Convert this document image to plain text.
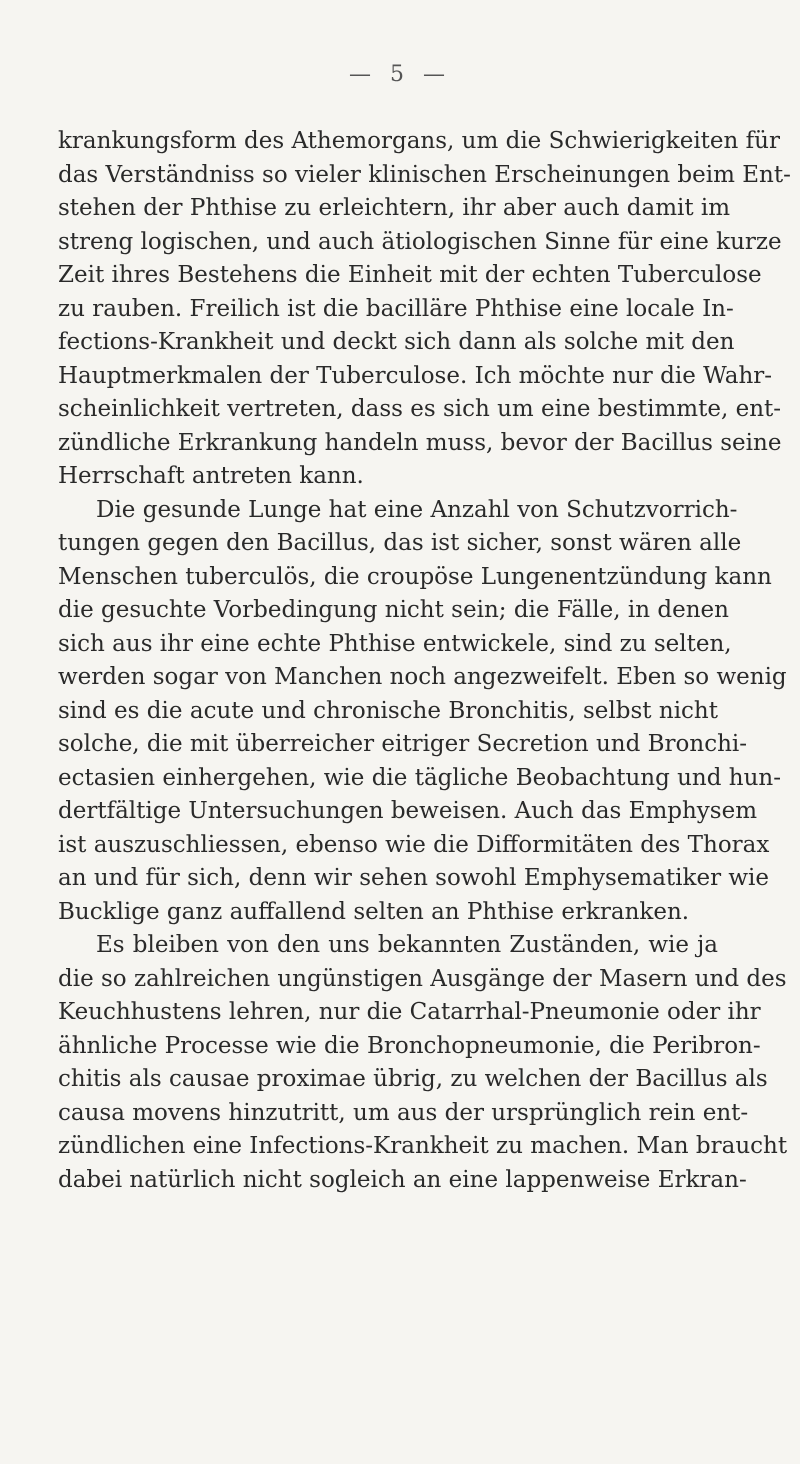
— 5 —
krankungsform des Athemorgans, um die Schwierigkeiten für
das Verständniss so vieler klinischen Erscheinungen beim Ent-
stehen der Phthise zu erleichtern, ihr aber auch damit im
streng logischen, und auch ätiologischen Sinne für eine kurze
Zeit ihres Bestehens die Einheit mit der echten Tuberculose
zu rauben. Freilich ist die bacilläre Phthise eine locale In-
fections-Krankheit und deckt sich dann als solche mit den
Hauptmerkmalen der Tuberculose. Ich möchte nur die Wahr-
scheinlichkeit vertreten, dass es sich um eine bestimmte, ent-
zündliche Erkrankung handeln muss, bevor der Bacillus seine
Herrschaft antreten kann.
Die gesunde Lunge hat eine Anzahl von Schutzvorrich-
tungen gegen den Bacillus, das ist sicher, sonst wären alle
Menschen tuberculös, die croupöse Lungenentzündung kann
die gesuchte Vorbedingung nicht sein; die Fälle, in denen
sich aus ihr eine echte Phthise entwickele, sind zu selten,
werden sogar von Manchen noch angezweifelt. Eben so wenig
sind es die acute und chronische Bronchitis, selbst nicht
solche, die mit überreicher eitriger Secretion und Bronchi-
ectasien einhergehen, wie die tägliche Beobachtung und hun-
dertfältige Untersuchungen beweisen. Auch das Emphysem
ist auszuschliessen, ebenso wie die Difformitäten des Thorax
an und für sich, denn wir sehen sowohl Emphysematiker wie
Bucklige ganz auffallend selten an Phthise erkranken.
Es bleiben von den uns bekannten Zuständen, wie ja
die so zahlreichen ungünstigen Ausgänge der Masern und des
Keuchhustens lehren, nur die Catarrhal-Pneumonie oder ihr
ähnliche Processe wie die Bronchopneumonie, die Peribron-
chitis als causae proximae übrig, zu welchen der Bacillus als
causa movens hinzutritt, um aus der ursprünglich rein ent-
zündlichen eine Infections-Krankheit zu machen. Man braucht
dabei natürlich nicht sogleich an eine lappenweise Erkran-
